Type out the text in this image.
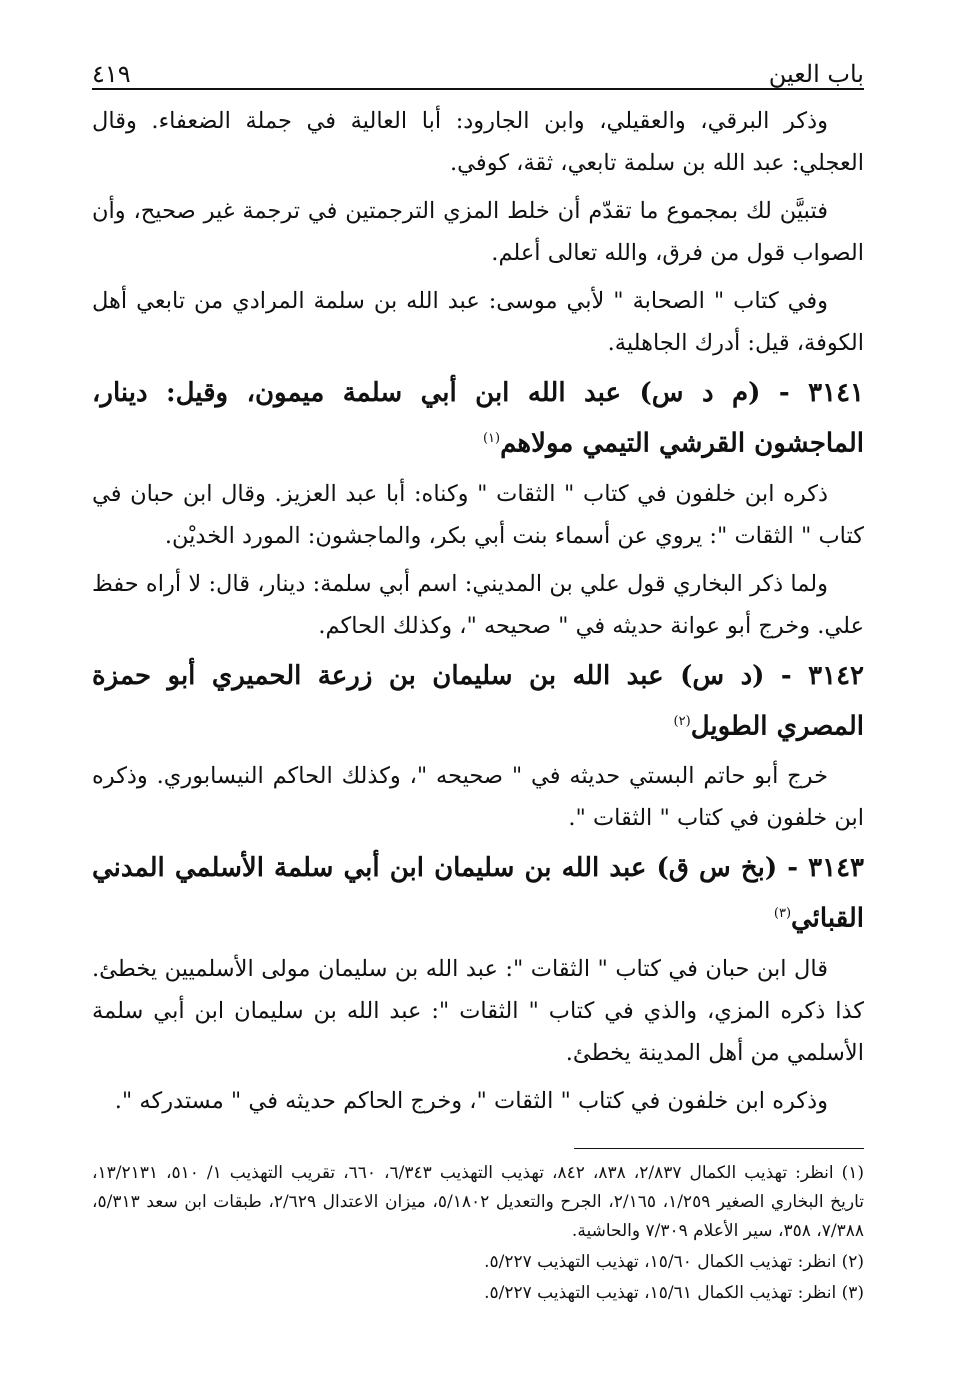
باب العين
٤١٩

وذكر البرقي، والعقيلي، وابن الجارود: أبا العالية في جملة الضعفاء. وقال العجلي: عبد الله بن سلمة تابعي، ثقة، كوفي.

فتبيَّن لك بمجموع ما تقدّم أن خلط المزي الترجمتين في ترجمة غير صحيح، وأن الصواب قول من فرق، والله تعالى أعلم.

وفي كتاب " الصحابة " لأبي موسى: عبد الله بن سلمة المرادي من تابعي أهل الكوفة، قيل: أدرك الجاهلية.

٣١٤١ - (م د س) عبد الله ابن أبي سلمة ميمون، وقيل: دينار، الماجشون القرشي التيمي مولاهم$^{(١)}$

ذكره ابن خلفون في كتاب " الثقات " وكناه: أبا عبد العزيز. وقال ابن حبان في كتاب " الثقات ": يروي عن أسماء بنت أبي بكر، والماجشون: المورد الخديْن.

ولما ذكر البخاري قول علي بن المديني: اسم أبي سلمة: دينار، قال: لا أراه حفظ علي. وخرج أبو عوانة حديثه في " صحيحه "، وكذلك الحاكم.

٣١٤٢ - (د س) عبد الله بن سليمان بن زرعة الحميري أبو حمزة المصري الطويل$^{(٢)}$

خرج أبو حاتم البستي حديثه في " صحيحه "، وكذلك الحاكم النيسابوري. وذكره ابن خلفون في كتاب " الثقات ".

٣١٤٣ - (بخ س ق) عبد الله بن سليمان ابن أبي سلمة الأسلمي المدني القبائي$^{(٣)}$

قال ابن حبان في كتاب " الثقات ": عبد الله بن سليمان مولى الأسلميين يخطئ. كذا ذكره المزي، والذي في كتاب " الثقات ": عبد الله بن سليمان ابن أبي سلمة الأسلمي من أهل المدينة يخطئ.

وذكره ابن خلفون في كتاب " الثقات "، وخرج الحاكم حديثه في " مستدركه ".

(١) انظر: تهذيب الكمال ٢/٨٣٧، ٨٣٨، ٨٤٢، تهذيب التهذيب ٦/٣٤٣، ٦٦٠، تقريب التهذيب ١/ ٥١٠، ١٣/٢١٣١، تاريخ البخاري الصغير ١/٢٥٩، ٢/١٦٥، الجرح والتعديل ٥/١٨٠٢، ميزان الاعتدال ٢/٦٢٩، طبقات ابن سعد ٥/٣١٣، ٧/٣٨٨، ٣٥٨، سير الأعلام ٧/٣٠٩ والحاشية.

(٢) انظر: تهذيب الكمال ١٥/٦٠، تهذيب التهذيب ٥/٢٢٧.

(٣) انظر: تهذيب الكمال ١٥/٦١، تهذيب التهذيب ٥/٢٢٧.
